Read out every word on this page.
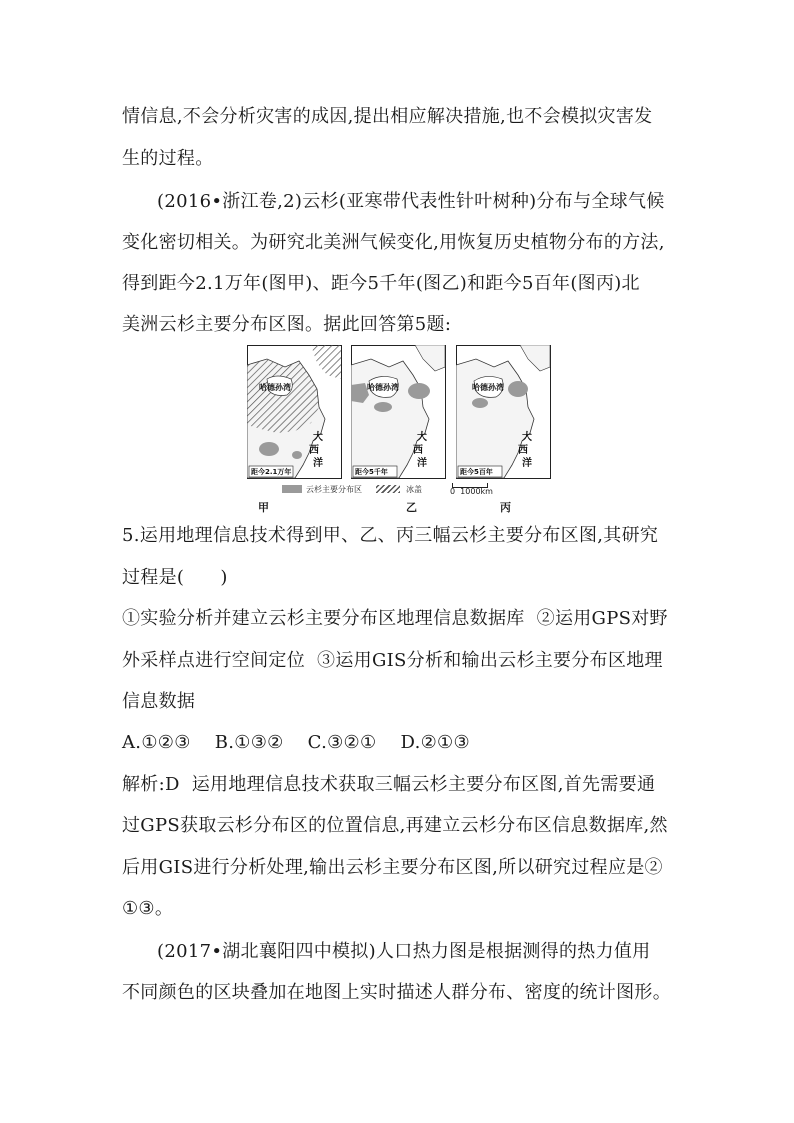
情信息,不会分析灾害的成因,提出相应解决措施,也不会模拟灾害发
生的过程。
(2016•浙江卷,2)云杉(亚寒带代表性针叶树种)分布与全球气候
变化密切相关。为研究北美洲气候变化,用恢复历史植物分布的方法,
得到距今2.1万年(图甲)、距今5千年(图乙)和距今5百年(图丙)北
美洲云杉主要分布区图。据此回答第5题:
哈德孙湾
大
西
洋
距今2.1万年
哈德孙湾
大
西
洋
距今5千年
哈德孙湾
大
西
洋
距今5百年
云杉主要分布区	冰盖	0  1000km
甲	乙	丙
5.运用地理信息技术得到甲、乙、丙三幅云杉主要分布区图,其研究
过程是(      )
①实验分析并建立云杉主要分布区地理信息数据库  ②运用GPS对野
外采样点进行空间定位  ③运用GIS分析和输出云杉主要分布区地理
信息数据
A.①②③    B.①③②    C.③②①    D.②①③
解析:D  运用地理信息技术获取三幅云杉主要分布区图,首先需要通
过GPS获取云杉分布区的位置信息,再建立云杉分布区信息数据库,然
后用GIS进行分析处理,输出云杉主要分布区图,所以研究过程应是②
①③。
(2017•湖北襄阳四中模拟)人口热力图是根据测得的热力值用
不同颜色的区块叠加在地图上实时描述人群分布、密度的统计图形。
